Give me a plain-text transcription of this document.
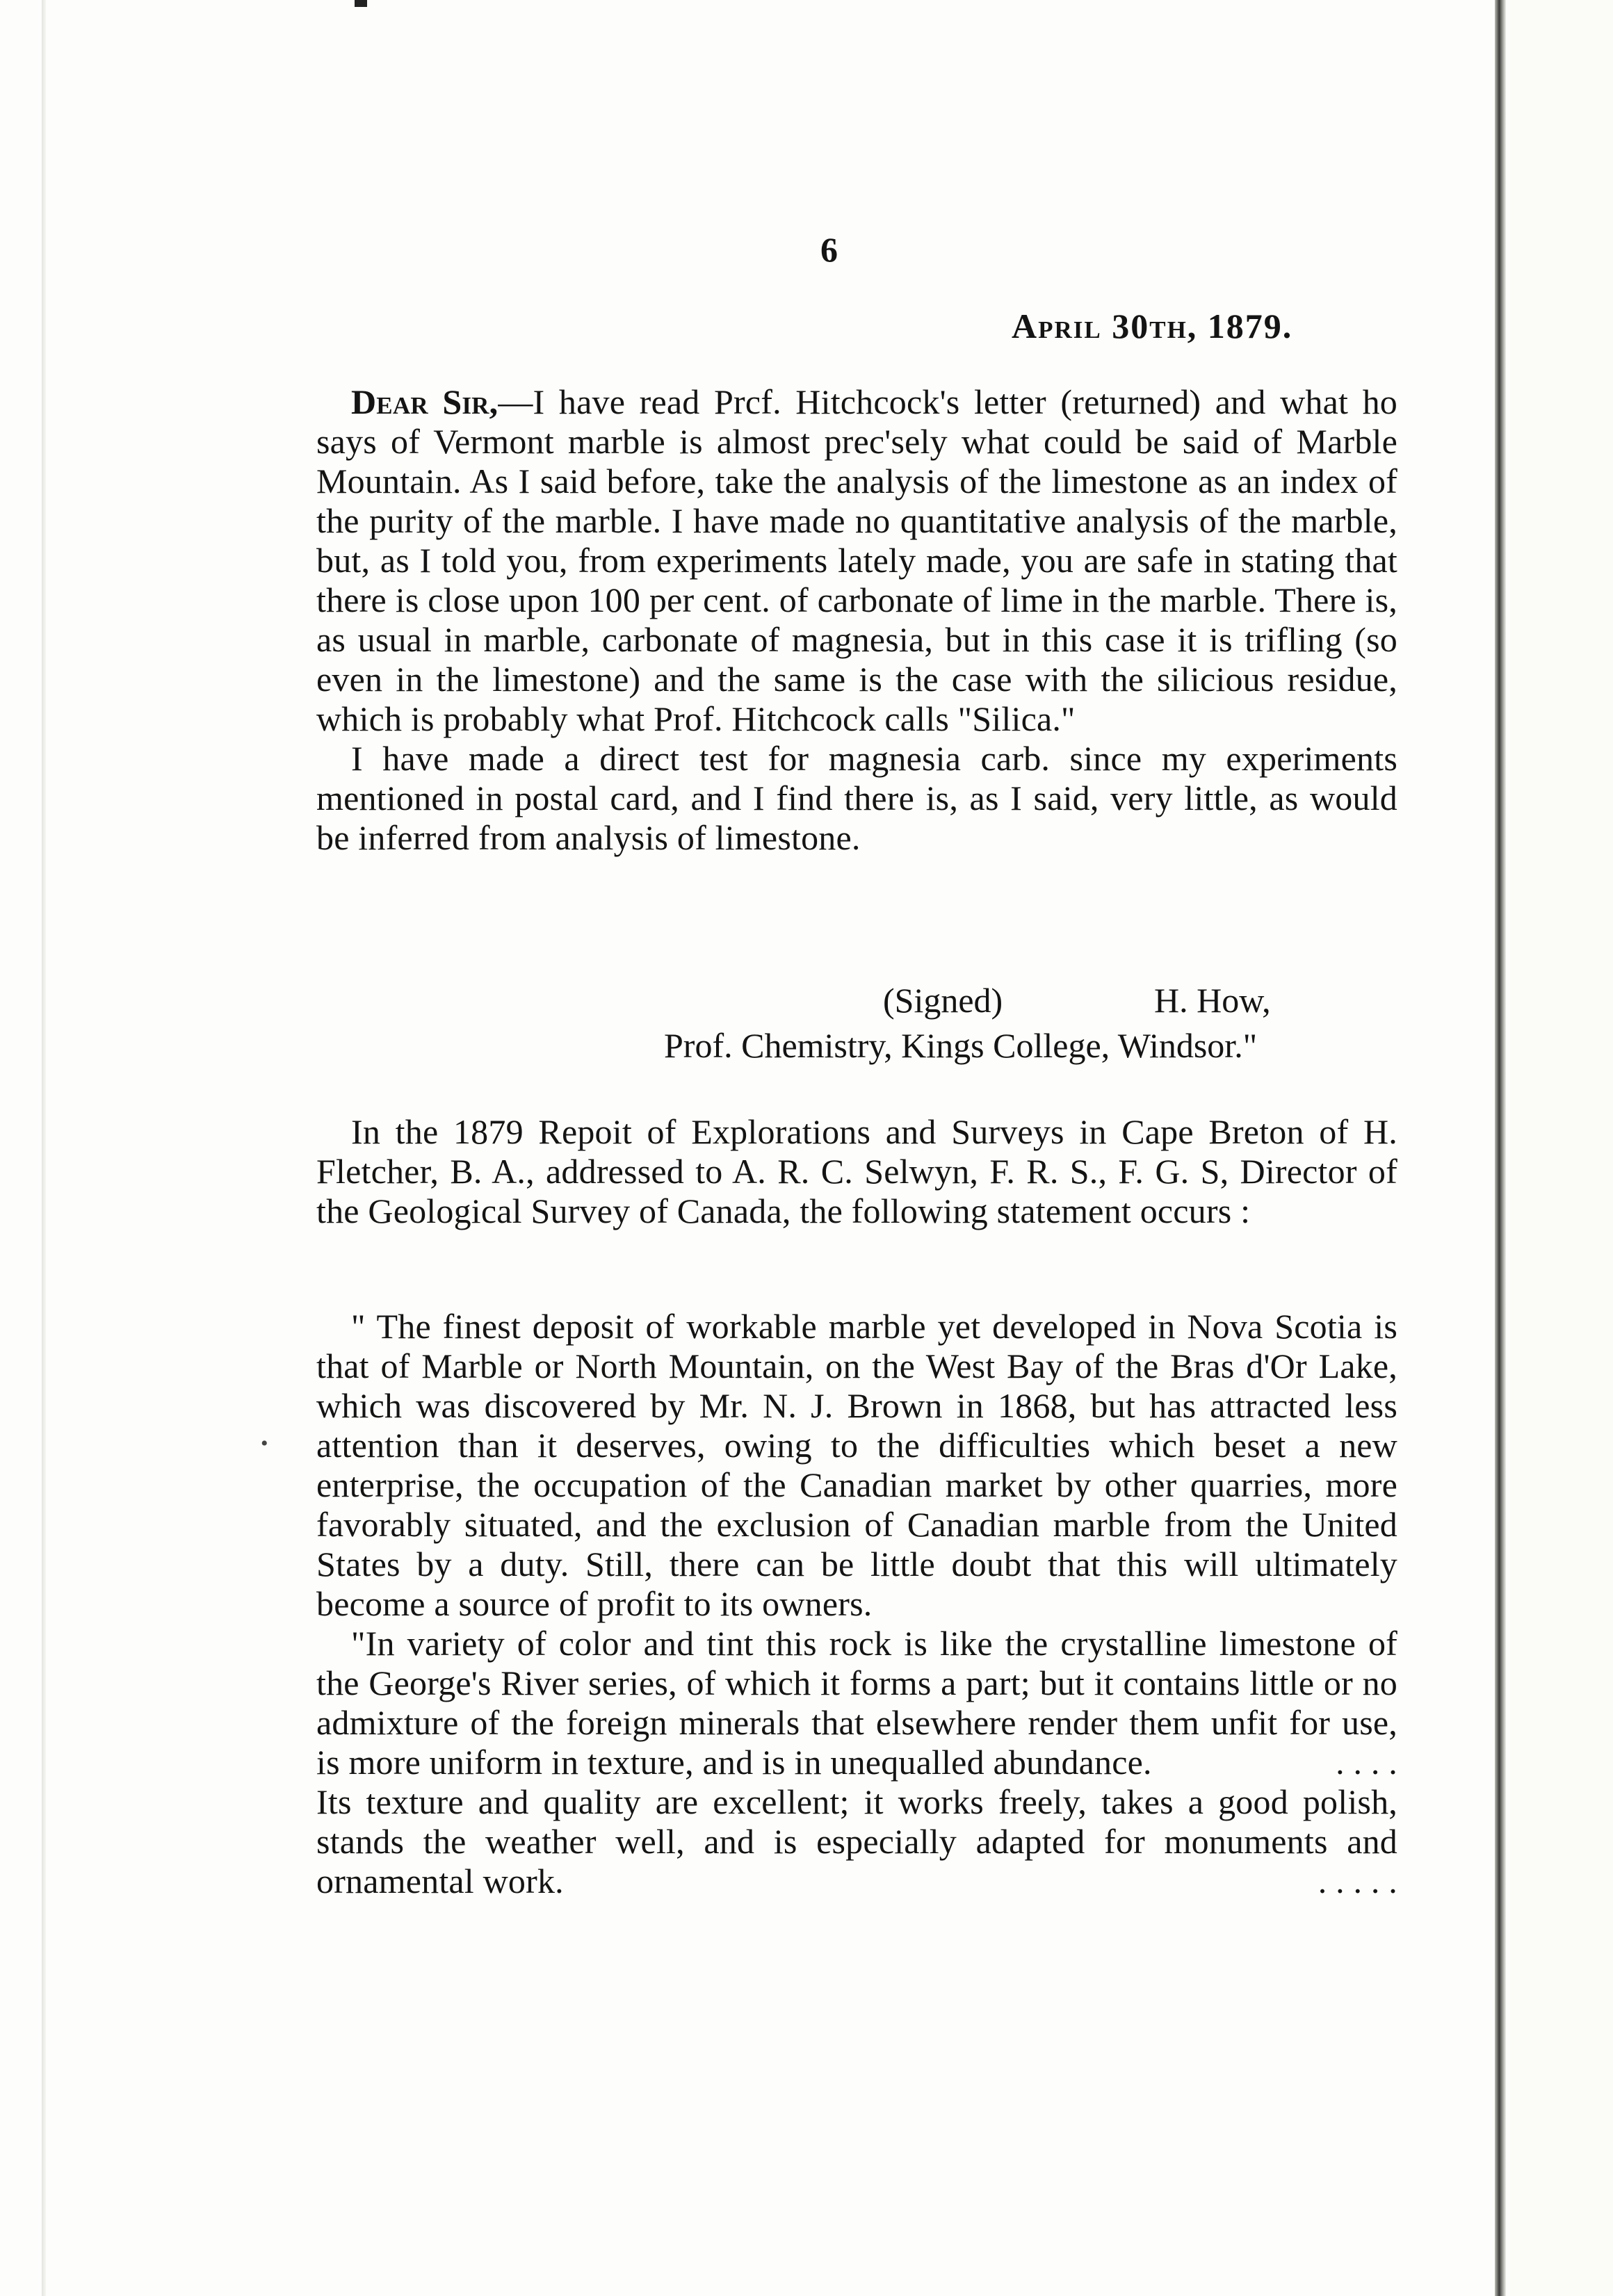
6
April 30th, 1879.

Dear Sir,—I have read Prcf. Hitchcock's letter (returned) and what ho says of Vermont marble is almost prec'sely what could be said of Marble Mountain. As I said before, take the analysis of the limestone as an index of the purity of the marble. I have made no quantitative analysis of the marble, but, as I told you, from experiments lately made, you are safe in stating that there is close upon 100 per cent. of carbonate of lime in the marble. There is, as usual in marble, carbonate of magnesia, but in this case it is trifling (so even in the limestone) and the same is the case with the silicious residue, which is probably what Prof. Hitchcock calls "Silica."

I have made a direct test for magnesia carb. since my experiments mentioned in postal card, and I find there is, as I said, very little, as would be inferred from analysis of limestone.

(Signed)	H. How,
Prof. Chemistry, Kings College, Windsor."

In the 1879 Repoit of Explorations and Surveys in Cape Breton of H. Fletcher, B. A., addressed to A. R. C. Selwyn, F. R. S., F. G. S, Director of the Geological Survey of Canada, the following statement occurs :

" The finest deposit of workable marble yet developed in Nova Scotia is that of Marble or North Mountain, on the West Bay of the Bras d'Or Lake, which was discovered by Mr. N. J. Brown in 1868, but has attracted less attention than it deserves, owing to the difficulties which beset a new enterprise, the occupation of the Canadian market by other quarries, more favorably situated, and the exclusion of Canadian marble from the United States by a duty. Still, there can be little doubt that this will ultimately become a source of profit to its owners.

"In variety of color and tint this rock is like the crystalline limestone of the George's River series, of which it forms a part; but it contains little or no admixture of the foreign minerals that elsewhere render them unfit for use, is more uniform in texture, and is in unequalled abundance.	. . . .

Its texture and quality are excellent; it works freely, takes a good polish, stands the weather well, and is especially adapted for monuments and ornamental work.	. . . . .

•
